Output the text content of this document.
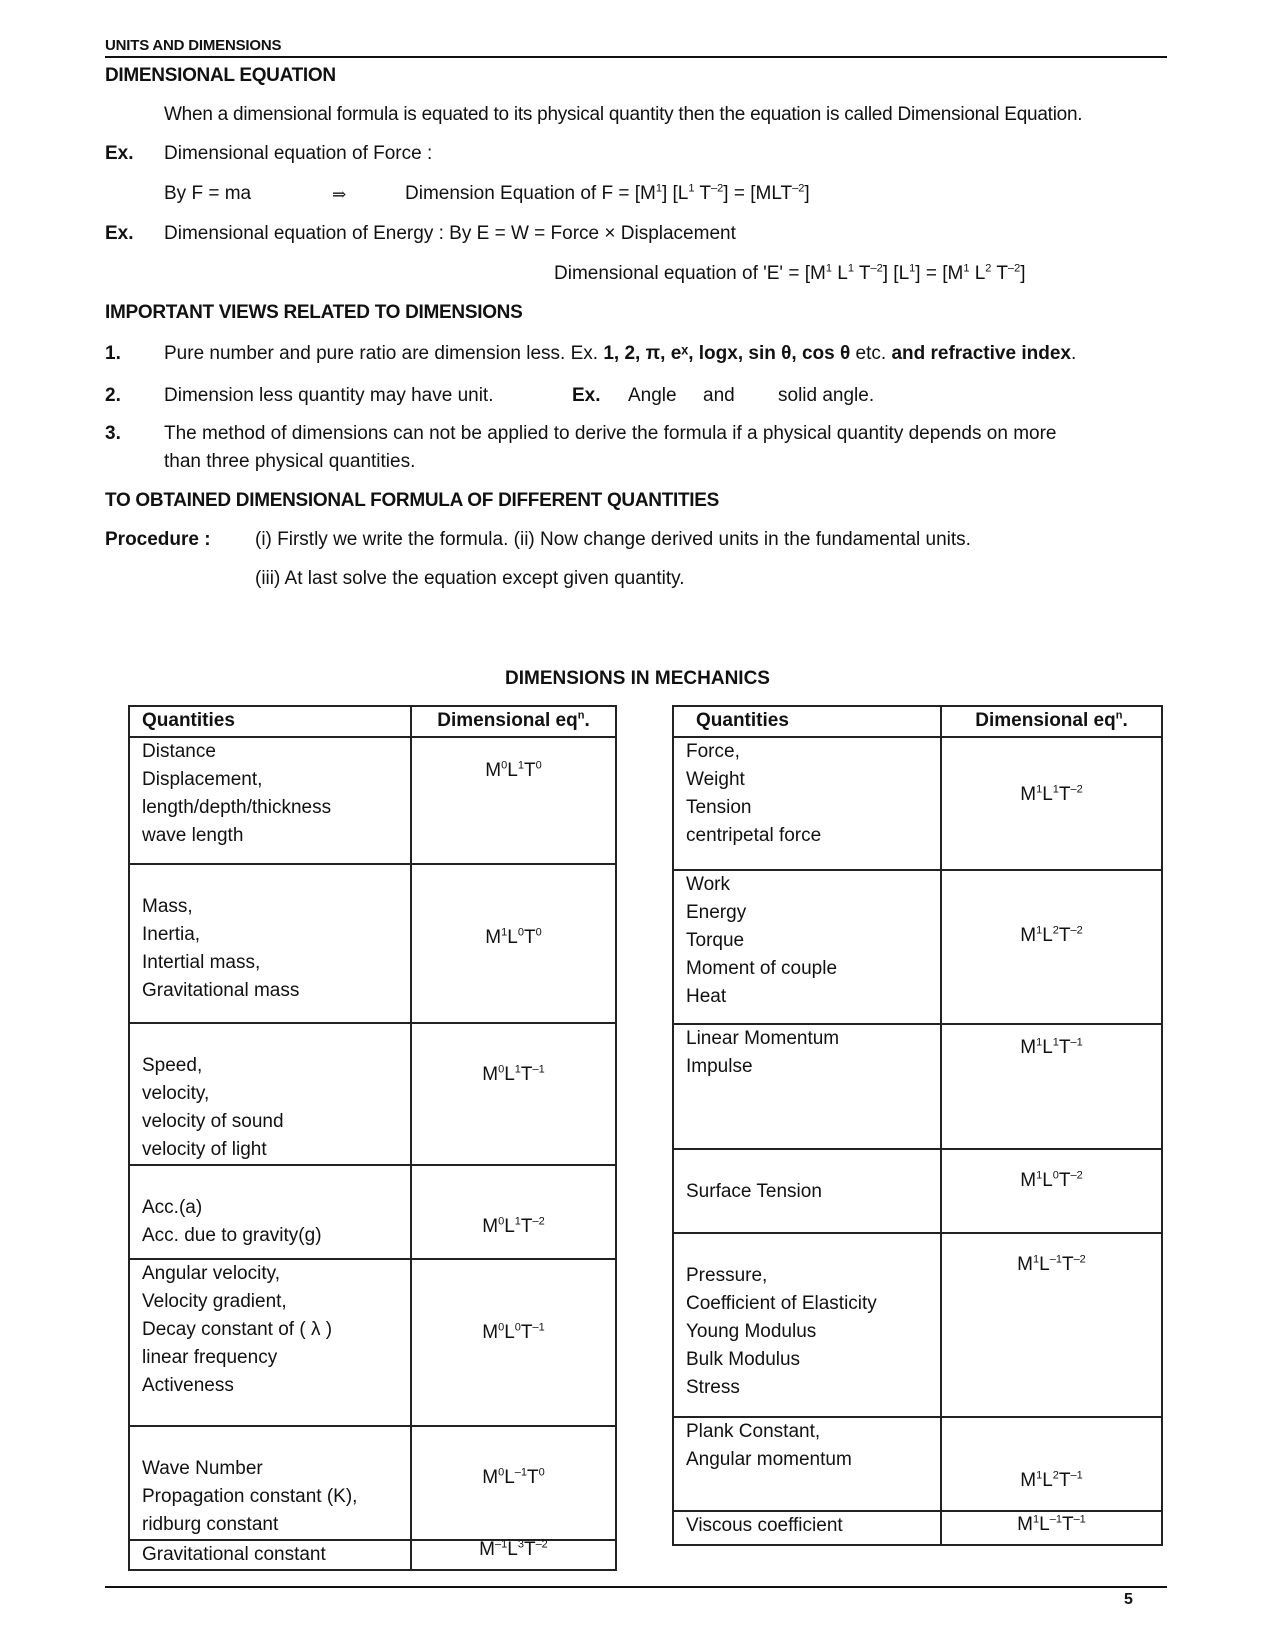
UNITS AND DIMENSIONS
DIMENSIONAL EQUATION
When a dimensional formula is equated to its physical quantity then the equation is called Dimensional Equation.
Ex. Dimensional equation of Force :
By F = ma	⇒	Dimension Equation of $F = [M^1]$ [$L^1$ $T^{-2}] = [MLT^{-2}]$
Ex. Dimensional equation of Energy : By E = W = Force × Displacement
Dimensional equation of '$E' = [M^1$ $L^1$ $T^{-2}$] $[L^1] = [M^1$ $L^2$ $T^{-2}$]
IMPORTANT VIEWS RELATED TO DIMENSIONS
1. Pure number and pure ratio are dimension less. Ex. 1, 2, π, eˣ, logx, sin θ, cos θ etc. and refractive index.
2. Dimension less quantity may have unit.	Ex. Angle and solid angle.
3. The method of dimensions can not be applied to derive the formula if a physical quantity depends on more
than three physical quantities.
TO OBTAINED DIMENSIONAL FORMULA OF DIFFERENT QUANTITIES
Procedure : (i) Firstly we write the formula. (ii) Now change derived units in the fundamental units.
(iii) At last solve the equation except given quantity.
DIMENSIONS IN MECHANICS
Quantities	Dimensional $eq^n$.

Distance
Displacement,
length/depth/thickness
wave length	$M^0L^1T^0$

Mass,
Inertia,
Intertial mass,
Gravitational mass	$M^1L^0T^0$

Speed,
velocity,
velocity of sound
velocity of light	$M^0L^1T^{-1}$

Acc.(a)
Acc. due to gravity(g)	$M^0L^1T^{-2}$

Angular velocity,
Velocity gradient,
Decay constant of ( λ )
linear frequency
Activeness	$M^0L^0T^{-1}$

Wave Number
Propagation constant (K),
ridburg constant	$M^0L^{-1}T^0$

Gravitational constant	$M^{-1}L^3T^{-2}$
Quantities	Dimensional $eq^n$.

Force,
Weight
Tension
centripetal force	$M^1L^1T^{-2}$

Work
Energy
Torque
Moment of couple
Heat	$M^1L^2T^{-2}$

Linear Momentum
Impulse	$M^1L^1T^{-1}$

Surface Tension	$M^1L^0T^{-2}$

Pressure,
Coefficient of Elasticity
Young Modulus
Bulk Modulus
Stress	$M^1L^{-1}T^{-2}$

Plank Constant,
Angular momentum	$M^1L^2T^{-1}$

Viscous coefficient	$M^1L^{-1}T^{-1}$
5
